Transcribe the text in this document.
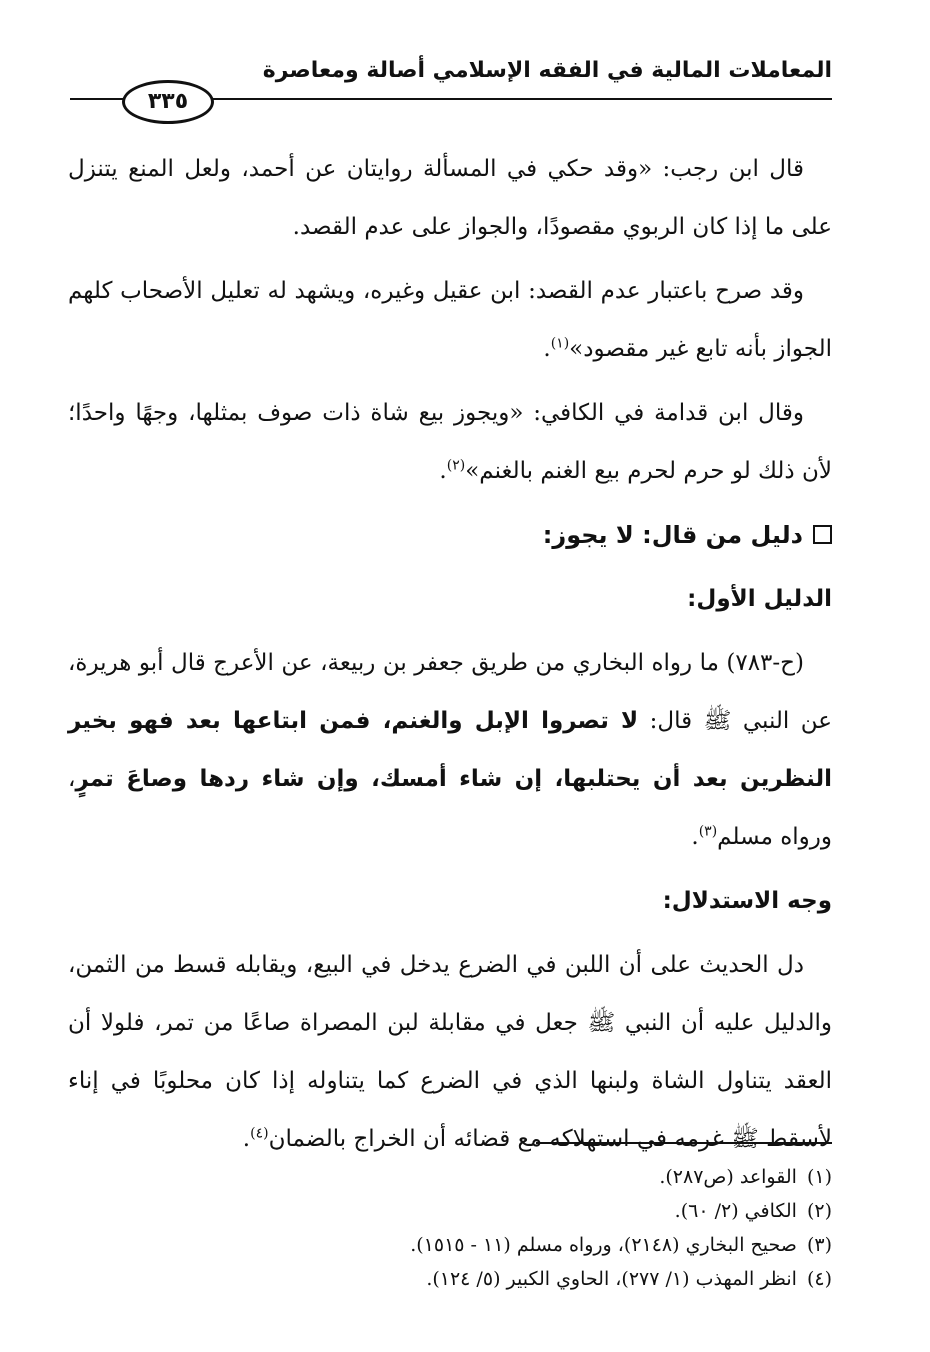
المعاملات المالية في الفقه الإسلامي أصالة ومعاصرة
٣٣٥

قال ابن رجب: «وقد حكي في المسألة روايتان عن أحمد، ولعل المنع يتنزل على ما إذا كان الربوي مقصودًا، والجواز على عدم القصد.

وقد صرح باعتبار عدم القصد: ابن عقيل وغيره، ويشهد له تعليل الأصحاب كلهم الجواز بأنه تابع غير مقصود»$^{(١)}$.

وقال ابن قدامة في الكافي: «ويجوز بيع شاة ذات صوف بمثلها، وجهًا واحدًا؛ لأن ذلك لو حرم لحرم بيع الغنم بالغنم»$^{(٢)}$.

دليل من قال: لا يجوز:

الدليل الأول:

(ح-٧٨٣) ما رواه البخاري من طريق جعفر بن ربيعة، عن الأعرج قال أبو هريرة، عن النبي ﷺ قال: لا تصروا الإبل والغنم، فمن ابتاعها بعد فهو بخير النظرين بعد أن يحتلبها، إن شاء أمسك، وإن شاء ردها وصاعَ تمرٍ، ورواه مسلم$^{(٣)}$.

وجه الاستدلال:

دل الحديث على أن اللبن في الضرع يدخل في البيع، ويقابله قسط من الثمن، والدليل عليه أن النبي ﷺ جعل في مقابلة لبن المصراة صاعًا من تمر، فلولا أن العقد يتناول الشاة ولبنها الذي في الضرع كما يتناوله إذا كان محلوبًا في إناء لأسقط ﷺ غرمه في استهلاكه مع قضائه أن الخراج بالضمان$^{(٤)}$.

(١)القواعد (ص٢٨٧).
(٢)الكافي (٢/ ٦٠).
(٣)صحيح البخاري (٢١٤٨)، ورواه مسلم (١١ - ١٥١٥).
(٤)انظر المهذب (١/ ٢٧٧)، الحاوي الكبير (٥/ ١٢٤).
